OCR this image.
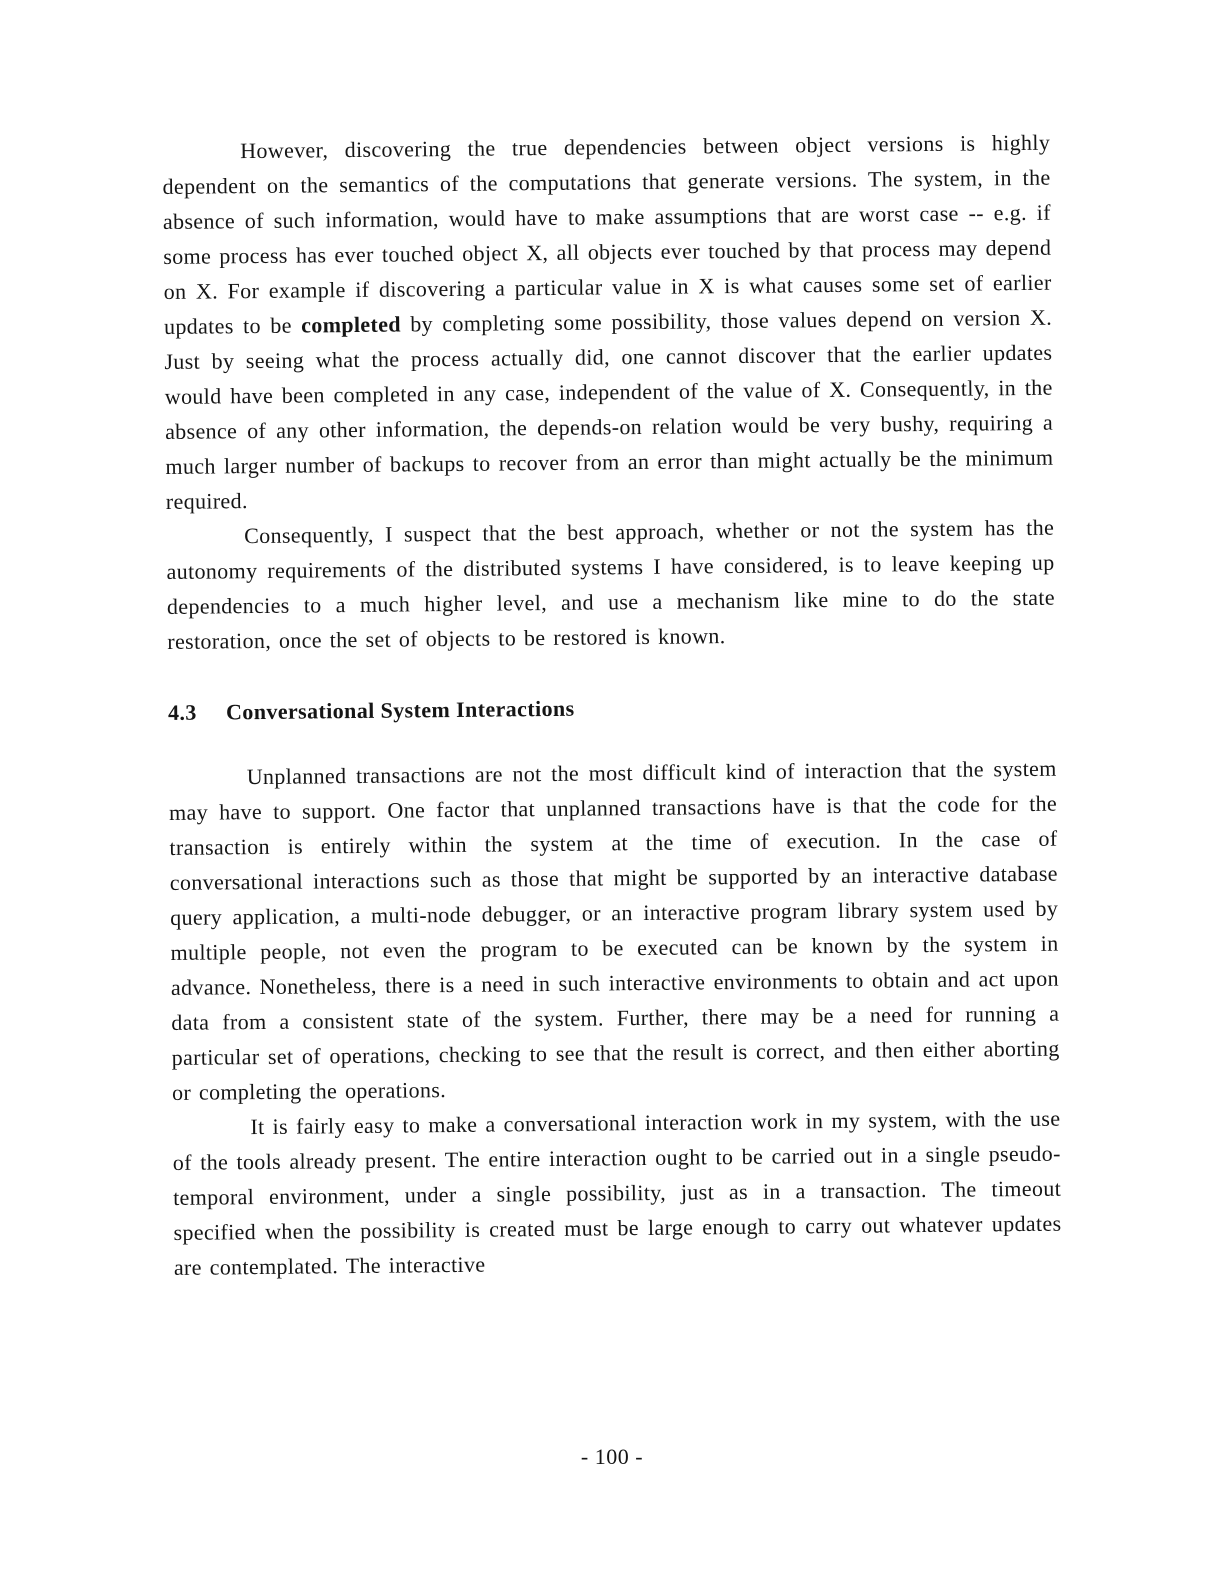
However, discovering the true dependencies between object versions is highly dependent on the semantics of the computations that generate versions. The system, in the absence of such information, would have to make assumptions that are worst case -- e.g. if some process has ever touched object X, all objects ever touched by that process may depend on X. For example if discovering a particular value in X is what causes some set of earlier updates to be completed by completing some possibility, those values depend on version X. Just by seeing what the process actually did, one cannot discover that the earlier updates would have been completed in any case, independent of the value of X. Consequently, in the absence of any other information, the depends-on relation would be very bushy, requiring a much larger number of backups to recover from an error than might actually be the minimum required.

Consequently, I suspect that the best approach, whether or not the system has the autonomy requirements of the distributed systems I have considered, is to leave keeping up dependencies to a much higher level, and use a mechanism like mine to do the state restoration, once the set of objects to be restored is known.

4.3 Conversational System Interactions

Unplanned transactions are not the most difficult kind of interaction that the system may have to support. One factor that unplanned transactions have is that the code for the transaction is entirely within the system at the time of execution. In the case of conversational interactions such as those that might be supported by an interactive database query application, a multi-node debugger, or an interactive program library system used by multiple people, not even the program to be executed can be known by the system in advance. Nonetheless, there is a need in such interactive environments to obtain and act upon data from a consistent state of the system. Further, there may be a need for running a particular set of operations, checking to see that the result is correct, and then either aborting or completing the operations.

It is fairly easy to make a conversational interaction work in my system, with the use of the tools already present. The entire interaction ought to be carried out in a single pseudo-temporal environment, under a single possibility, just as in a transaction. The timeout specified when the possibility is created must be large enough to carry out whatever updates are contemplated. The interactive

- 100 -
